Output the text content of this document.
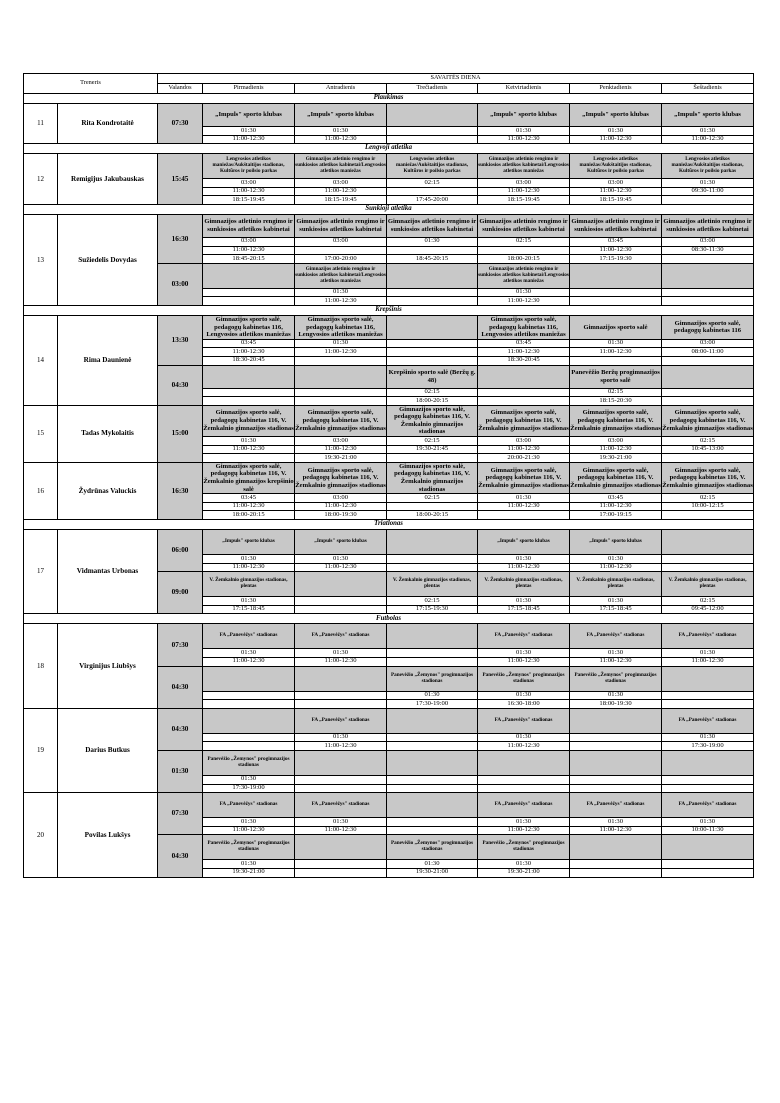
Treneris		SAVAITĖS DIENA						
		Valandos	Pirmadienis	Antradienis	Trečiadienis	Ketvirtadienis	Penktadienis	Šeštadienis
Plaukimas								
11	Rita Kondrotaitė	07:30	„Impuls" sporto klubas	„Impuls" sporto klubas		„Impuls" sporto klubas	„Impuls" sporto klubas	„Impuls" sporto klubas
			01:30	01:30		01:30	01:30	01:30
			11:00-12:30	11:00-12:30		11:00-12:30	11:00-12:30	11:00-12:30
Lengvoji atletika								
12	Remigijus Jakubauskas	15:45	Lengvosios atletikos maniežas/Aukštaitijos stadionas, Kultūros ir poilsio parkas	Gimnazijos atletinio rengimo ir sunkiosios atletikos kabinetai/Lengvosios atletikos maniežas	Lengvosios atletikos maniežas/Aukštaitijos stadionas, Kultūros ir poilsio parkas	Gimnazijos atletinio rengimo ir sunkiosios atletikos kabinetai/Lengvosios atletikos maniežas	Lengvosios atletikos maniežas/Aukštaitijos stadionas, Kultūros ir poilsio parkas	Lengvosios atletikos maniežas/Aukštaitijos stadionas, Kultūros ir poilsio parkas
			03:00	03:00	02:15	03:00	03:00	01:30
			11:00-12:30	11:00-12:30		11:00-12:30	11:00-12:30	09:30-11:00
			18:15-19:45	18:15-19:45	17:45-20:00	18:15-19:45	18:15-19:45	
Sunkioji atletika								
13	Sužiedelis Dovydas	16:30	Gimnazijos atletinio rengimo ir sunkiosios atletikos kabinetai	Gimnazijos atletinio rengimo ir sunkiosios atletikos kabinetai	Gimnazijos atletinio rengimo ir sunkiosios atletikos kabinetai	Gimnazijos atletinio rengimo ir sunkiosios atletikos kabinetai	Gimnazijos atletinio rengimo ir sunkiosios atletikos kabinetai	Gimnazijos atletinio rengimo ir sunkiosios atletikos kabinetai
			03:00	03:00	01:30	02:15	03:45	03:00
			11:00-12:30				11:00-12:30	08:30-11:30
			18:45-20:15	17:00-20:00	18:45-20:15	18:00-20:15	17:15-19:30	
		03:00		Gimnazijos atletinio rengimo ir sunkiosios atletikos kabinetai/Lengvosios atletikos maniežas		Gimnazijos atletinio rengimo ir sunkiosios atletikos kabinetai/Lengvosios atletikos maniežas		
				01:30		01:30		
				11:00-12:30		11:00-12:30		
Krepšinis								
14	Rima Daunienė	13:30	Gimnazijos sporto salė, pedagogų kabinetas 116, Lengvosios atletikos maniežas	Gimnazijos sporto salė, pedagogų kabinetas 116, Lengvosios atletikos maniežas		Gimnazijos sporto salė, pedagogų kabinetas 116, Lengvosios atletikos maniežas	Gimnazijos sporto salė	Gimnazijos sporto salė, pedagogų kabinetas 116
			03:45	01:30		03:45	01:30	03:00
			11:00-12:30	11:00-12:30		11:00-12:30	11:00-12:30	08:00-11:00
			18:30-20:45			18:30-20:45		
		04:30			Krepšinio sporto salė (Beržų g. 48)		Panevėžio Beržų progimnazijos sporto salė	
					02:15		02:15	
					18:00-20:15		18:15-20:30	
15	Tadas Mykolaitis	15:00	Gimnazijos sporto salė, pedagogų kabinetas 116, V. Žemkalnio gimnazijos stadionas	Gimnazijos sporto salė, pedagogų kabinetas 116, V. Žemkalnio gimnazijos stadionas	Gimnazijos sporto salė, pedagogų kabinetas 116, V. Žemkalnio gimnazijos stadionas	Gimnazijos sporto salė, pedagogų kabinetas 116, V. Žemkalnio gimnazijos stadionas	Gimnazijos sporto salė, pedagogų kabinetas 116, V. Žemkalnio gimnazijos stadionas	Gimnazijos sporto salė, pedagogų kabinetas 116, V. Žemkalnio gimnazijos stadionas
			01:30	03:00	02:15	03:00	03:00	02:15
			11:00-12:30	11:00-12:30	19:30-21:45	11:00-12:30	11:00-12:30	10:45-13:00
				19:30-21:00		20:00-21:30	19:30-21:00	
16	Žydrūnas Valuckis	16:30	Gimnazijos sporto salė, pedagogų kabinetas 116, V. Žemkalnio gimnazijos krepšinio salė	Gimnazijos sporto salė, pedagogų kabinetas 116, V. Žemkalnio gimnazijos stadionas	Gimnazijos sporto salė, pedagogų kabinetas 116, V. Žemkalnio gimnazijos stadionas	Gimnazijos sporto salė, pedagogų kabinetas 116, V. Žemkalnio gimnazijos stadionas	Gimnazijos sporto salė, pedagogų kabinetas 116, V. Žemkalnio gimnazijos stadionas	Gimnazijos sporto salė, pedagogų kabinetas 116, V. Žemkalnio gimnazijos stadionas
			03:45	03:00	02:15	01:30	03:45	02:15
			11:00-12:30	11:00-12:30		11:00-12:30	11:00-12:30	10:00-12:15
			18:00-20:15	18:00-19:30	18:00-20:15		17:00-19:15	
Triatlonas								
17	Vidmantas Urbonas	06:00	„Impuls" sporto klubas	„Impuls" sporto klubas		„Impuls" sporto klubas	„Impuls" sporto klubas	
			01:30	01:30		01:30	01:30	
			11:00-12:30	11:00-12:30		11:00-12:30	11:00-12:30	
		09:00	V. Žemkalnio gimnazijos stadionas, plentas		V. Žemkalnio gimnazijos stadionas, plentas	V. Žemkalnio gimnazijos stadionas, plentas	V. Žemkalnio gimnazijos stadionas, plentas	V. Žemkalnio gimnazijos stadionas, plentas
			01:30		02:15	01:30	01:30	02:15
			17:15-18:45		17:15-19:30	17:15-18:45	17:15-18:45	09:45-12:00
Futbolas								
18	Virginijus Liubšys	07:30	FA „Panevėžys" stadionas	FA „Panevėžys" stadionas		FA „Panevėžys" stadionas	FA „Panevėžys" stadionas	FA „Panevėžys" stadionas
			01:30	01:30		01:30	01:30	01:30
			11:00-12:30	11:00-12:30		11:00-12:30	11:00-12:30	11:00-12:30
		04:30			Panevėžio „Žemynos" progimnazijos stadionas	Panevėžio „Žemynos" progimnazijos stadionas	Panevėžio „Žemynos" progimnazijos stadionas	
					01:30	01:30	01:30	
					17:30-19:00	16:30-18:00	18:00-19:30	
19	Darius Butkus	04:30		FA „Panevėžys" stadionas		FA „Panevėžys" stadionas		FA „Panevėžys" stadionas
				01:30		01:30		01:30
				11:00-12:30		11:00-12:30		17:30-19:00
		01:30	Panevėžio „Žemynos" progimnazijos stadionas					
			01:30					
			17:30-19:00					
20	Povilas Lukšys	07:30	FA „Panevėžys" stadionas	FA „Panevėžys" stadionas		FA „Panevėžys" stadionas	FA „Panevėžys" stadionas	FA „Panevėžys" stadionas
			01:30	01:30		01:30	01:30	01:30
			11:00-12:30	11:00-12:30		11:00-12:30	11:00-12:30	10:00-11:30
		04:30	Panevėžio „Žemynos" progimnazijos stadionas		Panevėžio „Žemynos" progimnazijos stadionas	Panevėžio „Žemynos" progimnazijos stadionas		
			01:30		01:30	01:30		
			19:30-21:00		19:30-21:00	19:30-21:00		
